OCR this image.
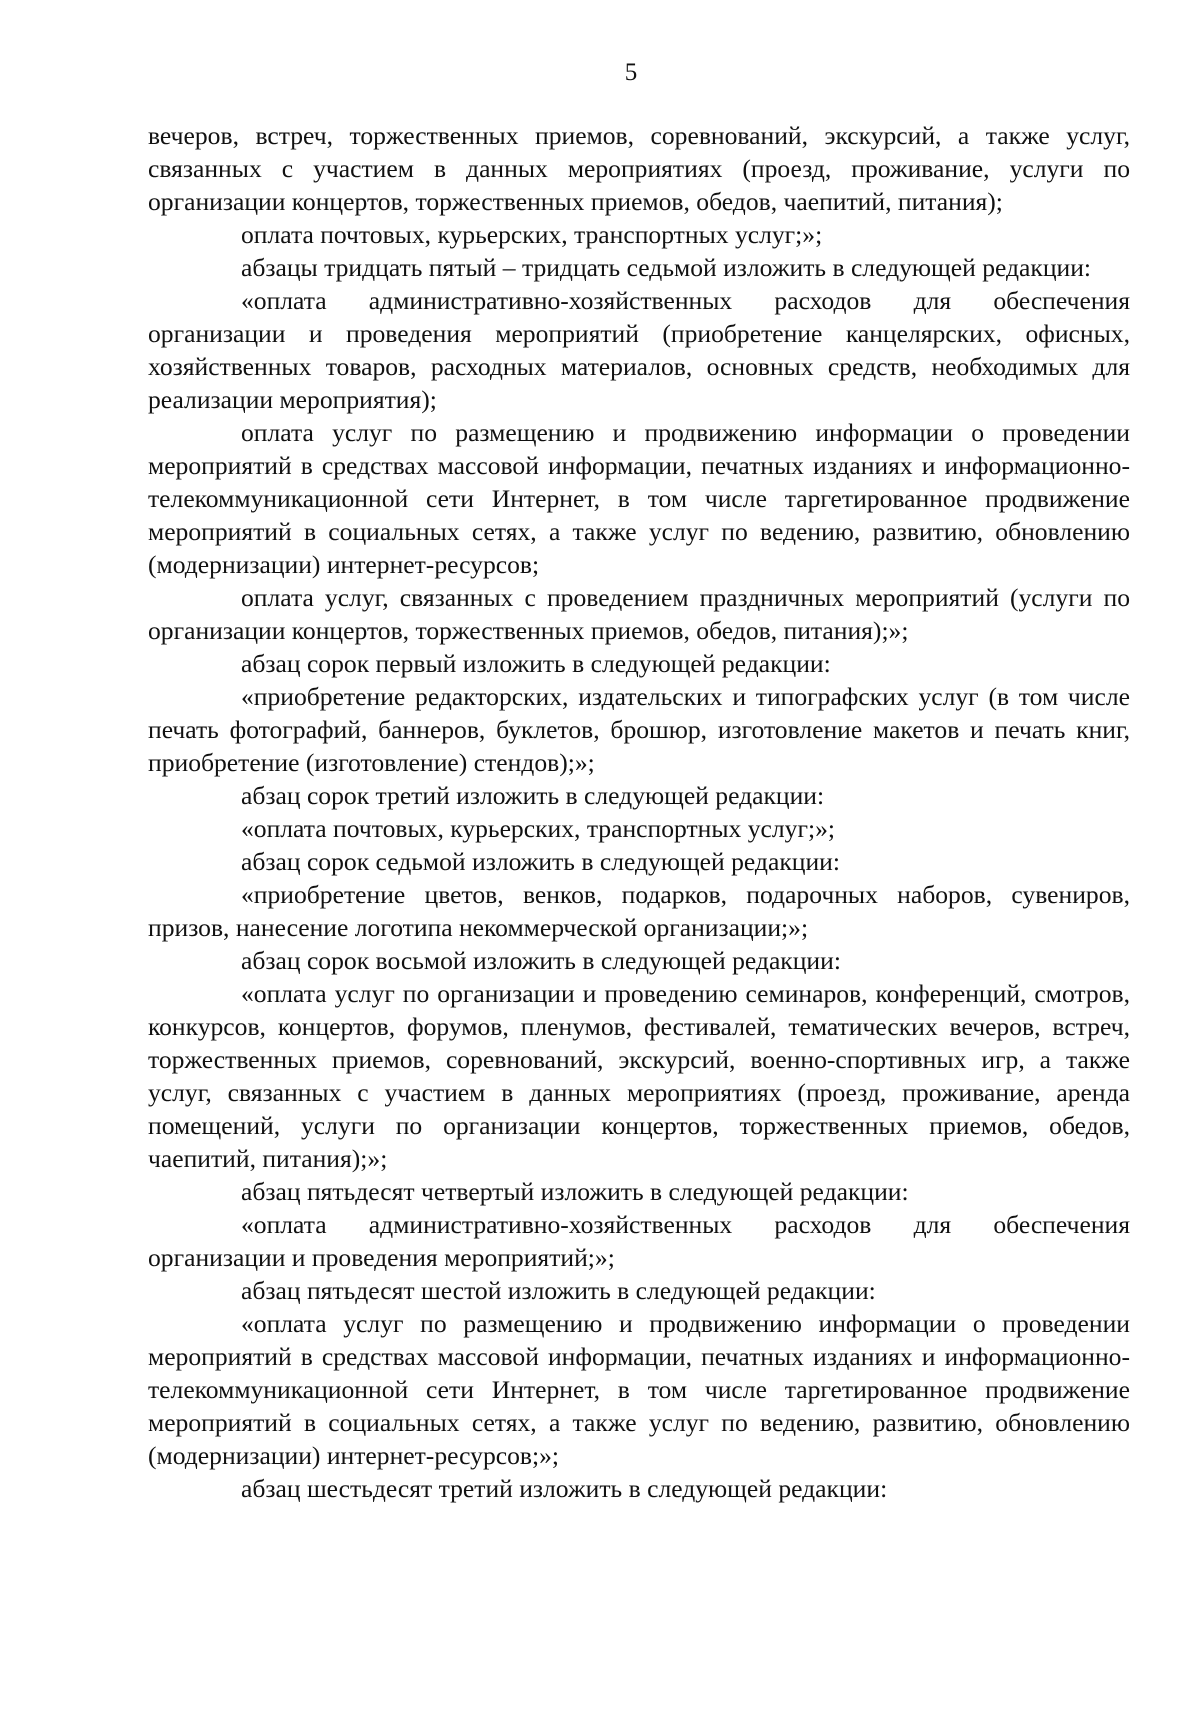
5

вечеров, встреч, торжественных приемов, соревнований, экскурсий, а также услуг, связанных с участием в данных мероприятиях (проезд, проживание, услуги по организации концертов, торжественных приемов, обедов, чаепитий, питания);

оплата почтовых, курьерских, транспортных услуг;»;

абзацы тридцать пятый – тридцать седьмой изложить в следующей редакции:

«оплата административно-хозяйственных расходов для обеспечения организации и проведения мероприятий (приобретение канцелярских, офисных, хозяйственных товаров, расходных материалов, основных средств, необходимых для реализации мероприятия);

оплата услуг по размещению и продвижению информации о проведении мероприятий в средствах массовой информации, печатных изданиях и информационно-телекоммуникационной сети Интернет, в том числе таргетированное продвижение мероприятий в социальных сетях, а также услуг по ведению, развитию, обновлению (модернизации) интернет-ресурсов;

оплата услуг, связанных с проведением праздничных мероприятий (услуги по организации концертов, торжественных приемов, обедов, питания);»;

абзац сорок первый изложить в следующей редакции:

«приобретение редакторских, издательских и типографских услуг (в том числе печать фотографий, баннеров, буклетов, брошюр, изготовление макетов и печать книг, приобретение (изготовление) стендов);»;

абзац сорок третий изложить в следующей редакции:

«оплата почтовых, курьерских, транспортных услуг;»;

абзац сорок седьмой изложить в следующей редакции:

«приобретение цветов, венков, подарков, подарочных наборов, сувениров, призов, нанесение логотипа некоммерческой организации;»;

абзац сорок восьмой изложить в следующей редакции:

«оплата услуг по организации и проведению семинаров, конференций, смотров, конкурсов, концертов, форумов, пленумов, фестивалей, тематических вечеров, встреч, торжественных приемов, соревнований, экскурсий, военно-спортивных игр, а также услуг, связанных с участием в данных мероприятиях (проезд, проживание, аренда помещений, услуги по организации концертов, торжественных приемов, обедов, чаепитий, питания);»;

абзац пятьдесят четвертый изложить в следующей редакции:

«оплата административно-хозяйственных расходов для обеспечения организации и проведения мероприятий;»;

абзац пятьдесят шестой изложить в следующей редакции:

«оплата услуг по размещению и продвижению информации о проведении мероприятий в средствах массовой информации, печатных изданиях и информационно-телекоммуникационной сети Интернет, в том числе таргетированное продвижение мероприятий в социальных сетях, а также услуг по ведению, развитию, обновлению (модернизации) интернет-ресурсов;»;

абзац шестьдесят третий изложить в следующей редакции:
